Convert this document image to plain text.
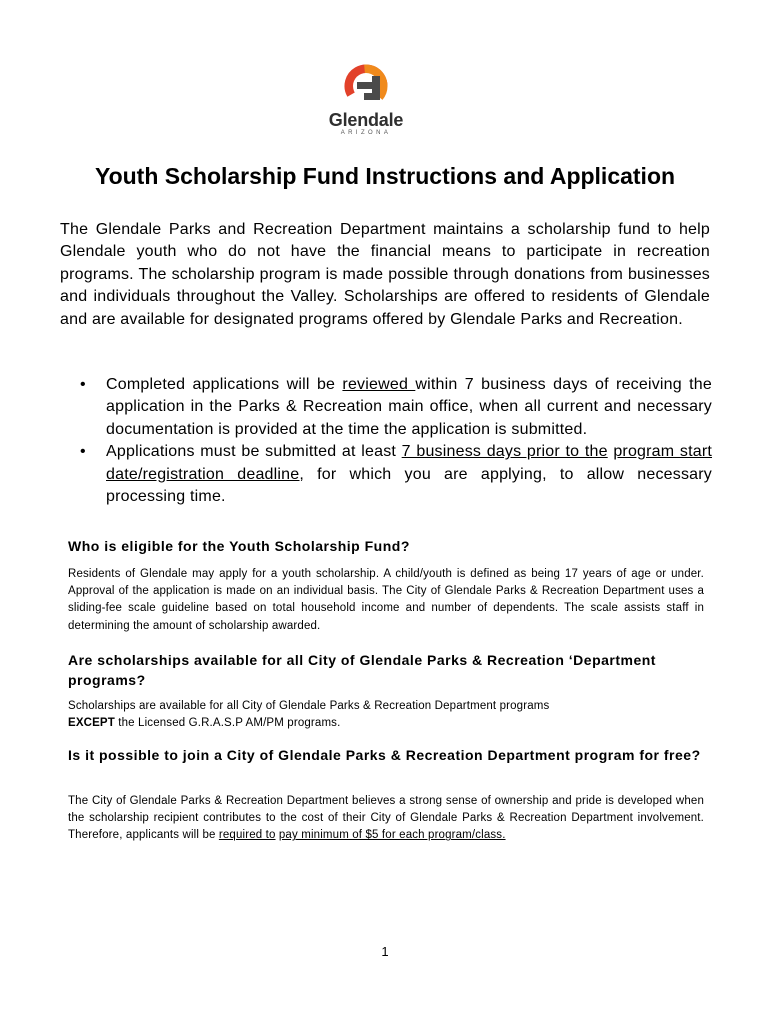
Glendale
ARIZONA
Youth Scholarship Fund Instructions and Application

The Glendale Parks and Recreation Department maintains a scholarship fund to help Glendale youth who do not have the financial means to participate in recreation programs. The scholarship program is made possible through donations from businesses and individuals throughout the Valley. Scholarships are offered to residents of Glendale and are available for designated programs offered by Glendale Parks and Recreation.

• Completed applications will be reviewed within 7 business days of receiving the application in the Parks & Recreation main office, when all current and necessary documentation is provided at the time the application is submitted.
• Applications must be submitted at least 7 business days prior to the program start date/registration deadline, for which you are applying, to allow necessary processing time.
Who is eligible for the Youth Scholarship Fund?

Residents of Glendale may apply for a youth scholarship. A child/youth is defined as being 17 years of age or under. Approval of the application is made on an individual basis. The City of Glendale Parks & Recreation Department uses a sliding-fee scale guideline based on total household income and number of dependents. The scale assists staff in determining the amount of scholarship awarded.

Are scholarships available for all City of Glendale Parks & Recreation ‘Department programs?

Scholarships are available for all City of Glendale Parks & Recreation Department programs
EXCEPT the Licensed G.R.A.S.P AM/PM programs.

Is it possible to join a City of Glendale Parks & Recreation Department program for free?

The City of Glendale Parks & Recreation Department believes a strong sense of ownership and pride is developed when the scholarship recipient contributes to the cost of their City of Glendale Parks & Recreation Department involvement. Therefore, applicants will be required to pay minimum of $5 for each program/class.

1
